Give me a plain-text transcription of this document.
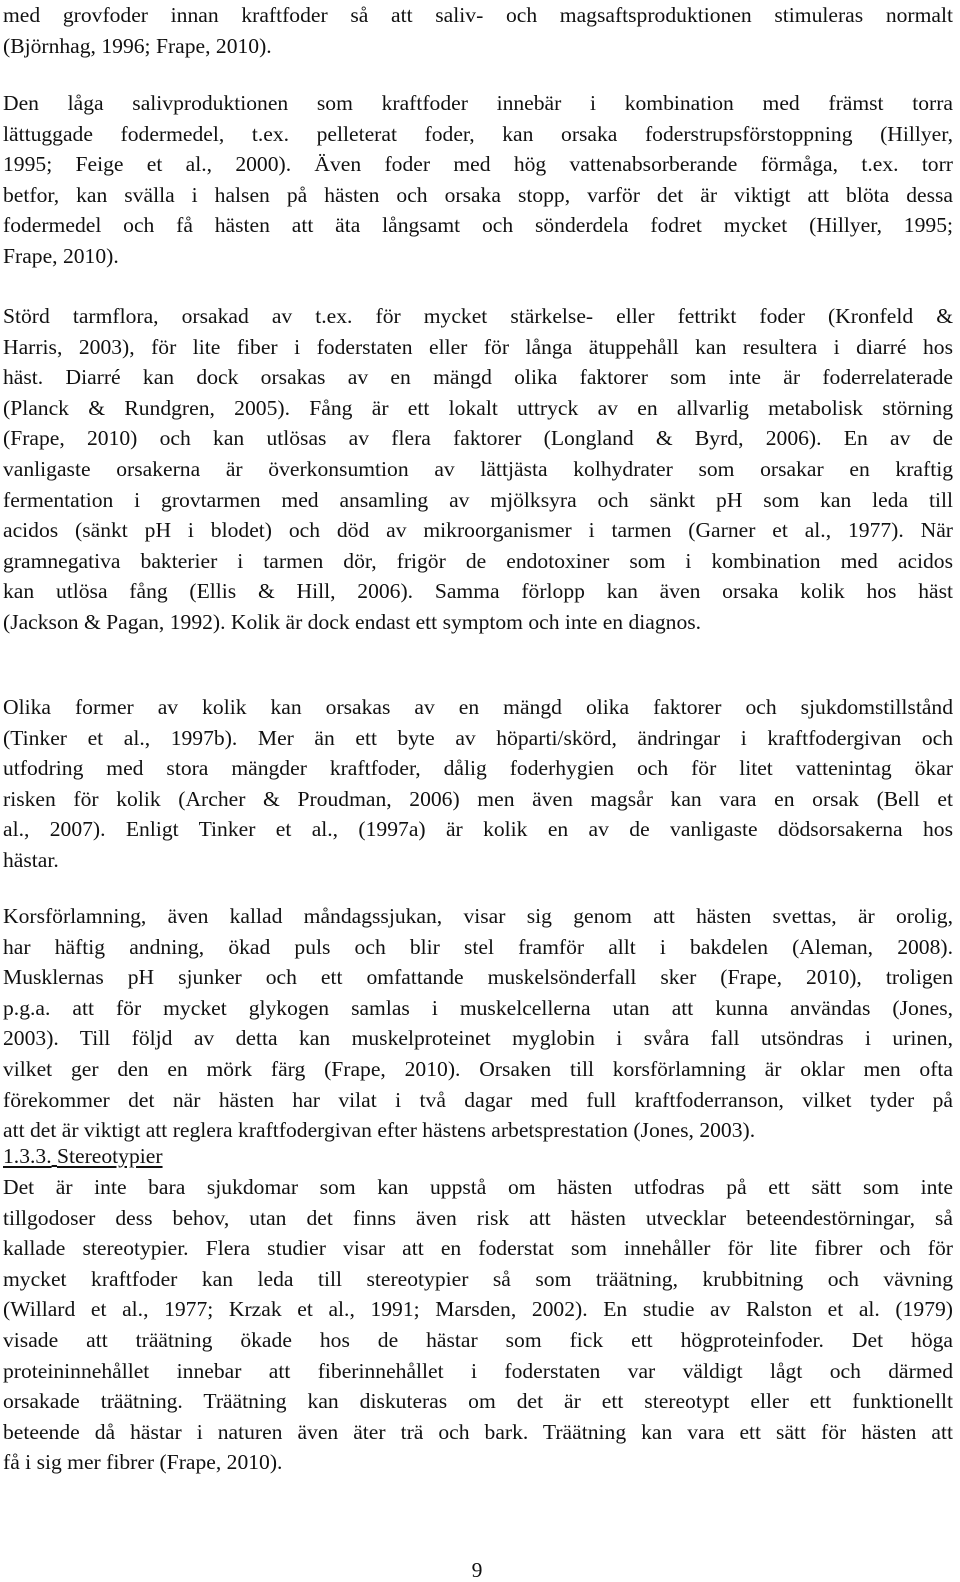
med grovfoder innan kraftfoder så att saliv- och magsaftsproduktionen stimuleras normalt
(Björnhag, 1996; Frape, 2010).
Den låga salivproduktionen som kraftfoder innebär i kombination med främst torra
lättuggade fodermedel, t.ex. pelleterat foder, kan orsaka foderstrupsförstoppning (Hillyer,
1995; Feige et al., 2000). Även foder med hög vattenabsorberande förmåga, t.ex. torr
betfor, kan svälla i halsen på hästen och orsaka stopp, varför det är viktigt att blöta dessa
fodermedel och få hästen att äta långsamt och sönderdela fodret mycket (Hillyer, 1995;
Frape, 2010).
Störd tarmflora, orsakad av t.ex. för mycket stärkelse- eller fettrikt foder (Kronfeld &
Harris, 2003), för lite fiber i foderstaten eller för långa ätuppehåll kan resultera i diarré hos
häst. Diarré kan dock orsakas av en mängd olika faktorer som inte är foderrelaterade
(Planck & Rundgren, 2005). Fång är ett lokalt uttryck av en allvarlig metabolisk störning
(Frape, 2010) och kan utlösas av flera faktorer (Longland & Byrd, 2006). En av de
vanligaste orsakerna är överkonsumtion av lättjästa kolhydrater som orsakar en kraftig
fermentation i grovtarmen med ansamling av mjölksyra och sänkt pH som kan leda till
acidos (sänkt pH i blodet) och död av mikroorganismer i tarmen (Garner et al., 1977). När
gramnegativa bakterier i tarmen dör, frigör de endotoxiner som i kombination med acidos
kan utlösa fång (Ellis & Hill, 2006). Samma förlopp kan även orsaka kolik hos häst
(Jackson & Pagan, 1992). Kolik är dock endast ett symptom och inte en diagnos.
Olika former av kolik kan orsakas av en mängd olika faktorer och sjukdomstillstånd
(Tinker et al., 1997b). Mer än ett byte av höparti/skörd, ändringar i kraftfodergivan och
utfodring med stora mängder kraftfoder, dålig foderhygien och för litet vattenintag ökar
risken för kolik (Archer & Proudman, 2006) men även magsår kan vara en orsak (Bell et
al., 2007). Enligt Tinker et al., (1997a) är kolik en av de vanligaste dödsorsakerna hos
hästar.
Korsförlamning, även kallad måndagssjukan, visar sig genom att hästen svettas, är orolig,
har häftig andning, ökad puls och blir stel framför allt i bakdelen (Aleman, 2008).
Musklernas pH sjunker och ett omfattande muskelsönderfall sker (Frape, 2010), troligen
p.g.a. att för mycket glykogen samlas i muskelcellerna utan att kunna användas (Jones,
2003). Till följd av detta kan muskelproteinet myglobin i svåra fall utsöndras i urinen,
vilket ger den en mörk färg (Frape, 2010). Orsaken till korsförlamning är oklar men ofta
förekommer det när hästen har vilat i två dagar med full kraftfoderranson, vilket tyder på
att det är viktigt att reglera kraftfodergivan efter hästens arbetsprestation (Jones, 2003).
1.3.3. Stereotypier
Det är inte bara sjukdomar som kan uppstå om hästen utfodras på ett sätt som inte
tillgodoser dess behov, utan det finns även risk att hästen utvecklar beteendestörningar, så
kallade stereotypier. Flera studier visar att en foderstat som innehåller för lite fibrer och för
mycket kraftfoder kan leda till stereotypier så som träätning, krubbitning och vävning
(Willard et al., 1977; Krzak et al., 1991; Marsden, 2002). En studie av Ralston et al. (1979)
visade att träätning ökade hos de hästar som fick ett högproteinfoder. Det höga
proteininnehållet innebar att fiberinnehållet i foderstaten var väldigt lågt och därmed
orsakade träätning. Träätning kan diskuteras om det är ett stereotypt eller ett funktionellt
beteende då hästar i naturen även äter trä och bark. Träätning kan vara ett sätt för hästen att
få i sig mer fibrer (Frape, 2010).
9
